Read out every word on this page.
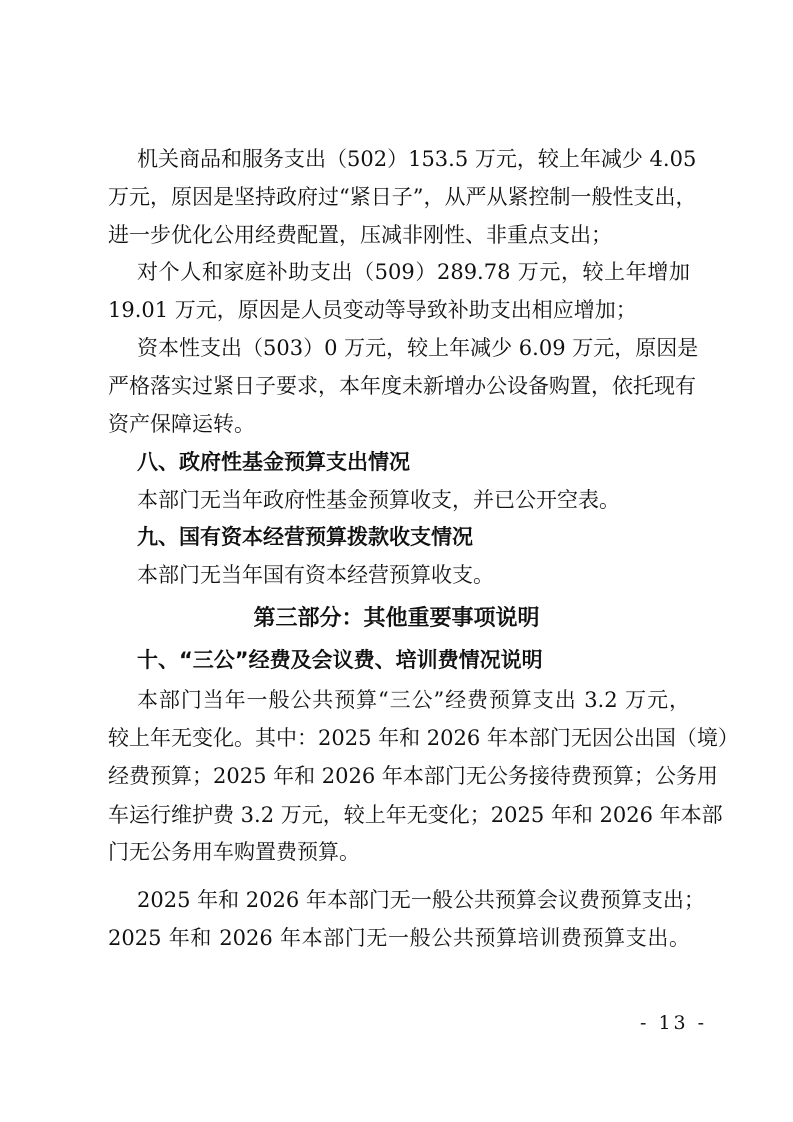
机关商品和服务支出（502）153.5 万元，较上年减少 4.05
万元，原因是坚持政府过“紧日子”，从严从紧控制一般性支出，
进一步优化公用经费配置，压减非刚性、非重点支出；
对个人和家庭补助支出（509）289.78 万元，较上年增加
19.01 万元，原因是人员变动等导致补助支出相应增加；
资本性支出（503）0 万元，较上年减少 6.09 万元，原因是
严格落实过紧日子要求，本年度未新增办公设备购置，依托现有
资产保障运转。
八、政府性基金预算支出情况
本部门无当年政府性基金预算收支，并已公开空表。
九、国有资本经营预算拨款收支情况
本部门无当年国有资本经营预算收支。
第三部分：其他重要事项说明
十、“三公”经费及会议费、培训费情况说明
本部门当年一般公共预算“三公”经费预算支出 3.2 万元，
较上年无变化。其中：2025 年和 2026 年本部门无因公出国（境）
经费预算；2025 年和 2026 年本部门无公务接待费预算；公务用
车运行维护费 3.2 万元，较上年无变化；2025 年和 2026 年本部
门无公务用车购置费预算。
2025 年和 2026 年本部门无一般公共预算会议费预算支出；
2025 年和 2026 年本部门无一般公共预算培训费预算支出。
- 13 -
